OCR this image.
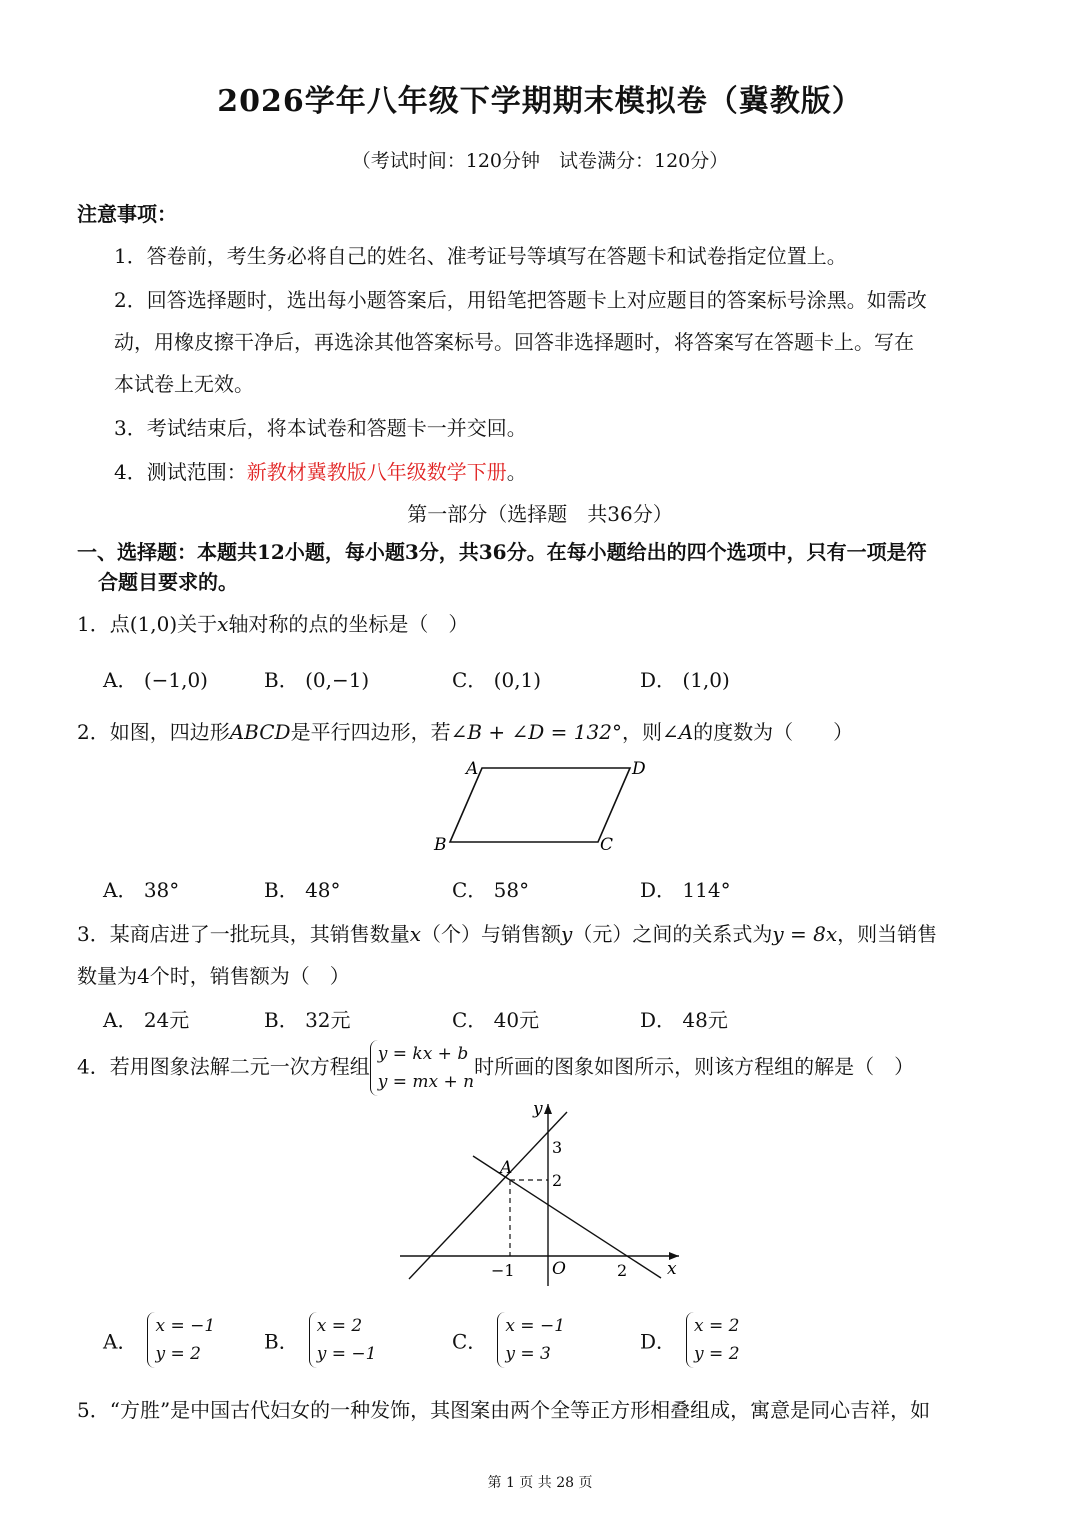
2026学年八年级下学期期末模拟卷（冀教版）
（考试时间：120分钟　试卷满分：120分）
注意事项：
1．答卷前，考生务必将自己的姓名、准考证号等填写在答题卡和试卷指定位置上。
2．回答选择题时，选出每小题答案后，用铅笔把答题卡上对应题目的答案标号涂黑。如需改
动，用橡皮擦干净后，再选涂其他答案标号。回答非选择题时，将答案写在答题卡上。写在
本试卷上无效。
3．考试结束后，将本试卷和答题卡一并交回。
4．测试范围：新教材冀教版八年级数学下册。
第一部分（选择题　共36分）
一、选择题：本题共12小题，每小题3分，共36分。在每小题给出的四个选项中，只有一项是符
合题目要求的。
1．点(1,0)关于x轴对称的点的坐标是（　）
A． (−1,0)	B． (0,−1)	C． (0,1)	D． (1,0)
2．如图，四边形ABCD是平行四边形，若∠B + ∠D = 132°，则∠A的度数为（　　）
A	D
B	C
A． 38°	B． 48°	C． 58°	D． 114°
3．某商店进了一批玩具，其销售数量x（个）与销售额y（元）之间的关系式为y = 8x，则当销售
数量为4个时，销售额为（　）
A． 24元	B． 32元	C． 40元	D． 48元
4．若用图象法解二元一次方程组
y = kx + b
y = mx + n
时所画的图象如图所示，则该方程组的解是（　）
y
x
O
A
3
2
−1	2
A．
x = −1
y = 2
B．
x = 2
y = −1
C．
x = −1
y = 3
D．
x = 2
y = 2
5．“方胜”是中国古代妇女的一种发饰，其图案由两个全等正方形相叠组成，寓意是同心吉祥，如
第 1 页 共 28 页
